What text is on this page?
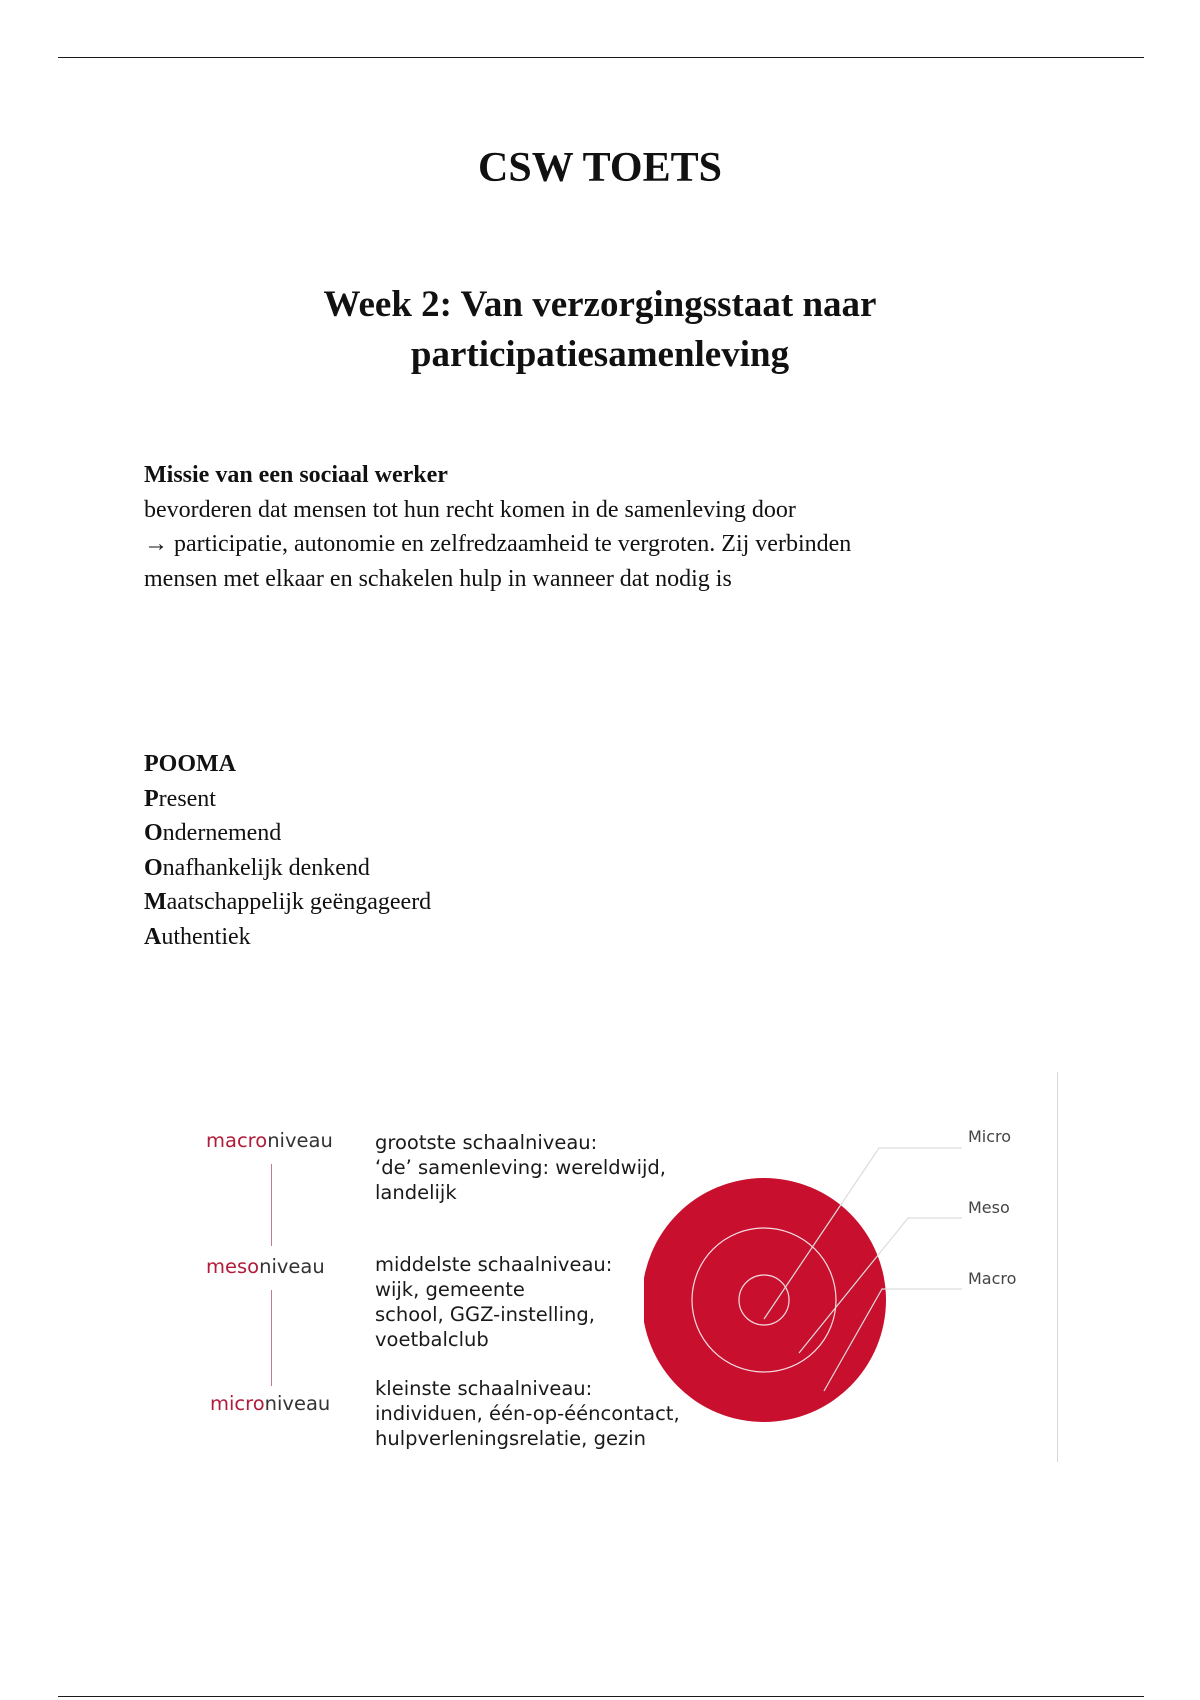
CSW TOETS
Week 2: Van verzorgingsstaat naar
participatiesamenleving
Missie van een sociaal werker
bevorderen dat mensen tot hun recht komen in de samenleving door
→ participatie, autonomie en zelfredzaamheid te vergroten. Zij verbinden
mensen met elkaar en schakelen hulp in wanneer dat nodig is
POOMA
Present
Ondernemend
Onafhankelijk denkend
Maatschappelijk geëngageerd
Authentiek
macroniveau
mesoniveau
microniveau
grootste schaalniveau:
‘de’ samenleving: wereldwijd,
landelijk
middelste schaalniveau:
wijk, gemeente
school, GGZ-instelling,
voetbalclub
kleinste schaalniveau:
individuen, één-op-ééncontact,
hulpverleningsrelatie, gezin
Micro
Meso
Macro
